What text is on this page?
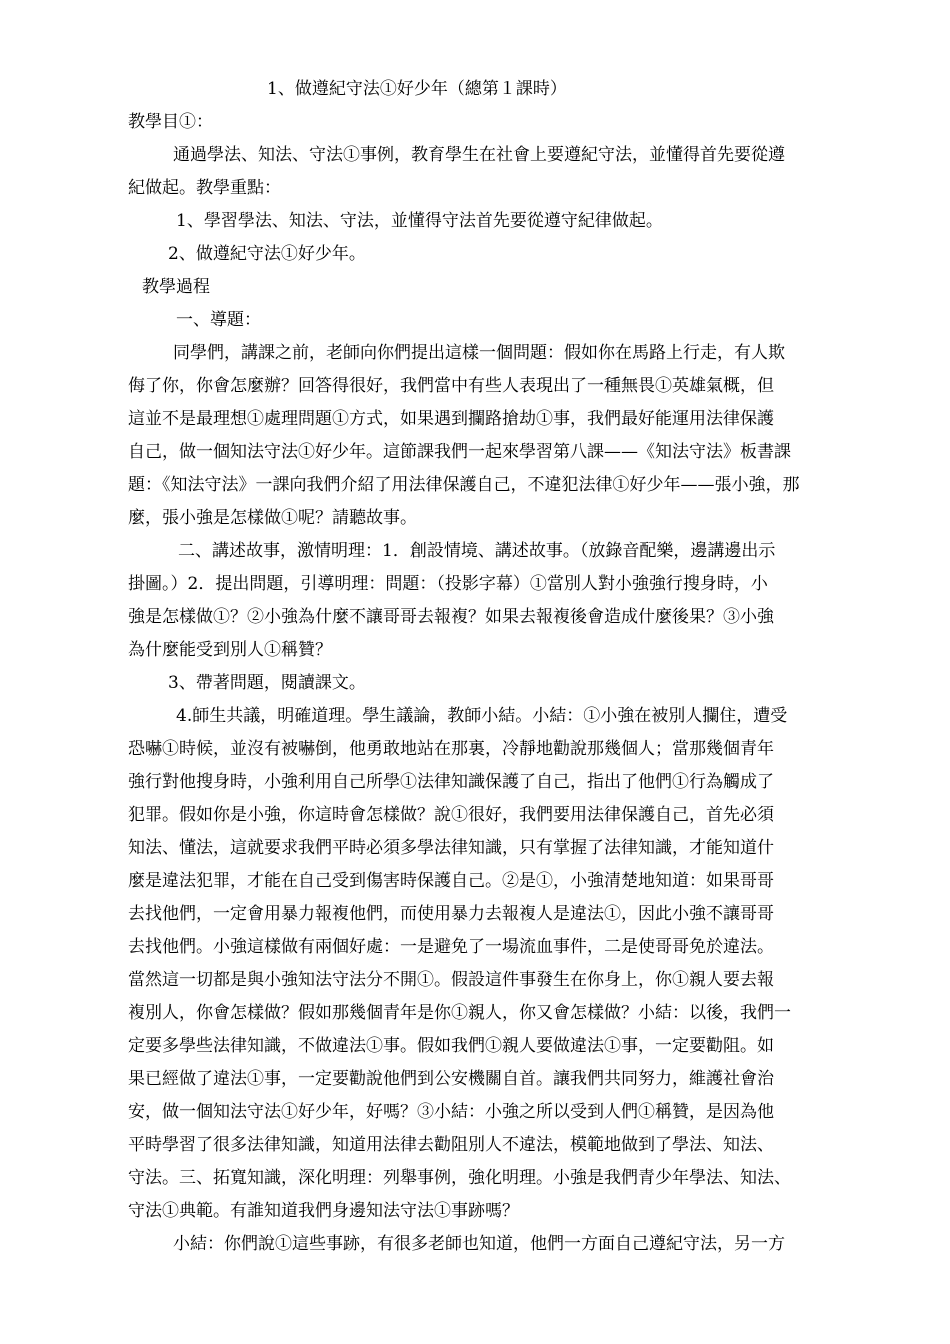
1、做遵紀守法①好少年（總第１課時）
教學目①：
通過學法、知法、守法①事例，教育學生在社會上要遵紀守法，並懂得首先要從遵
紀做起。教學重點：
1、學習學法、知法、守法，並懂得守法首先要從遵守紀律做起。
2、做遵紀守法①好少年。
教學過程
一、導題：
同學們，講課之前，老師向你們提出這樣一個問題：假如你在馬路上行走，有人欺
侮了你，你會怎麼辦？回答得很好，我們當中有些人表現出了一種無畏①英雄氣概，但
這並不是最理想①處理問題①方式，如果遇到攔路搶劫①事，我們最好能運用法律保護
自己，做一個知法守法①好少年。這節課我們一起來學習第八課——《知法守法》板書課
題：《知法守法》一課向我們介紹了用法律保護自己，不違犯法律①好少年——張小強，那
麼，張小強是怎樣做①呢？請聽故事。
二、講述故事，激情明理：1．創設情境、講述故事。（放錄音配樂，邊講邊出示
掛圖。）2．提出問題，引導明理：問題：（投影字幕）①當別人對小強強行搜身時，小
強是怎樣做①？②小強為什麼不讓哥哥去報複？如果去報複後會造成什麼後果？③小強
為什麼能受到別人①稱贊？
3、帶著問題，閱讀課文。
4.師生共議，明確道理。學生議論，教師小結。小結：①小強在被別人攔住，遭受
恐嚇①時候，並沒有被嚇倒，他勇敢地站在那裏，冷靜地勸說那幾個人；當那幾個青年
強行對他搜身時，小強利用自己所學①法律知識保護了自己，指出了他們①行為觸成了
犯罪。假如你是小強，你這時會怎樣做？說①很好，我們要用法律保護自己，首先必須
知法、懂法，這就要求我們平時必須多學法律知識，只有掌握了法律知識，才能知道什
麼是違法犯罪，才能在自己受到傷害時保護自己。②是①，小強清楚地知道：如果哥哥
去找他們，一定會用暴力報複他們，而使用暴力去報複人是違法①，因此小強不讓哥哥
去找他們。小強這樣做有兩個好處：一是避免了一場流血事件，二是使哥哥免於違法。
當然這一切都是與小強知法守法分不開①。假設這件事發生在你身上，你①親人要去報
複別人，你會怎樣做？假如那幾個青年是你①親人，你又會怎樣做？小結：以後，我們一
定要多學些法律知識，不做違法①事。假如我們①親人要做違法①事，一定要勸阻。如
果已經做了違法①事，一定要勸說他們到公安機關自首。讓我們共同努力，維護社會治
安，做一個知法守法①好少年，好嗎？③小結：小強之所以受到人們①稱贊，是因為他
平時學習了很多法律知識，知道用法律去勸阻別人不違法，模範地做到了學法、知法、
守法。三、拓寬知識，深化明理：列舉事例，強化明理。小強是我們青少年學法、知法、
守法①典範。有誰知道我們身邊知法守法①事跡嗎？
小結：你們說①這些事跡，有很多老師也知道，他們一方面自己遵紀守法，另一方
